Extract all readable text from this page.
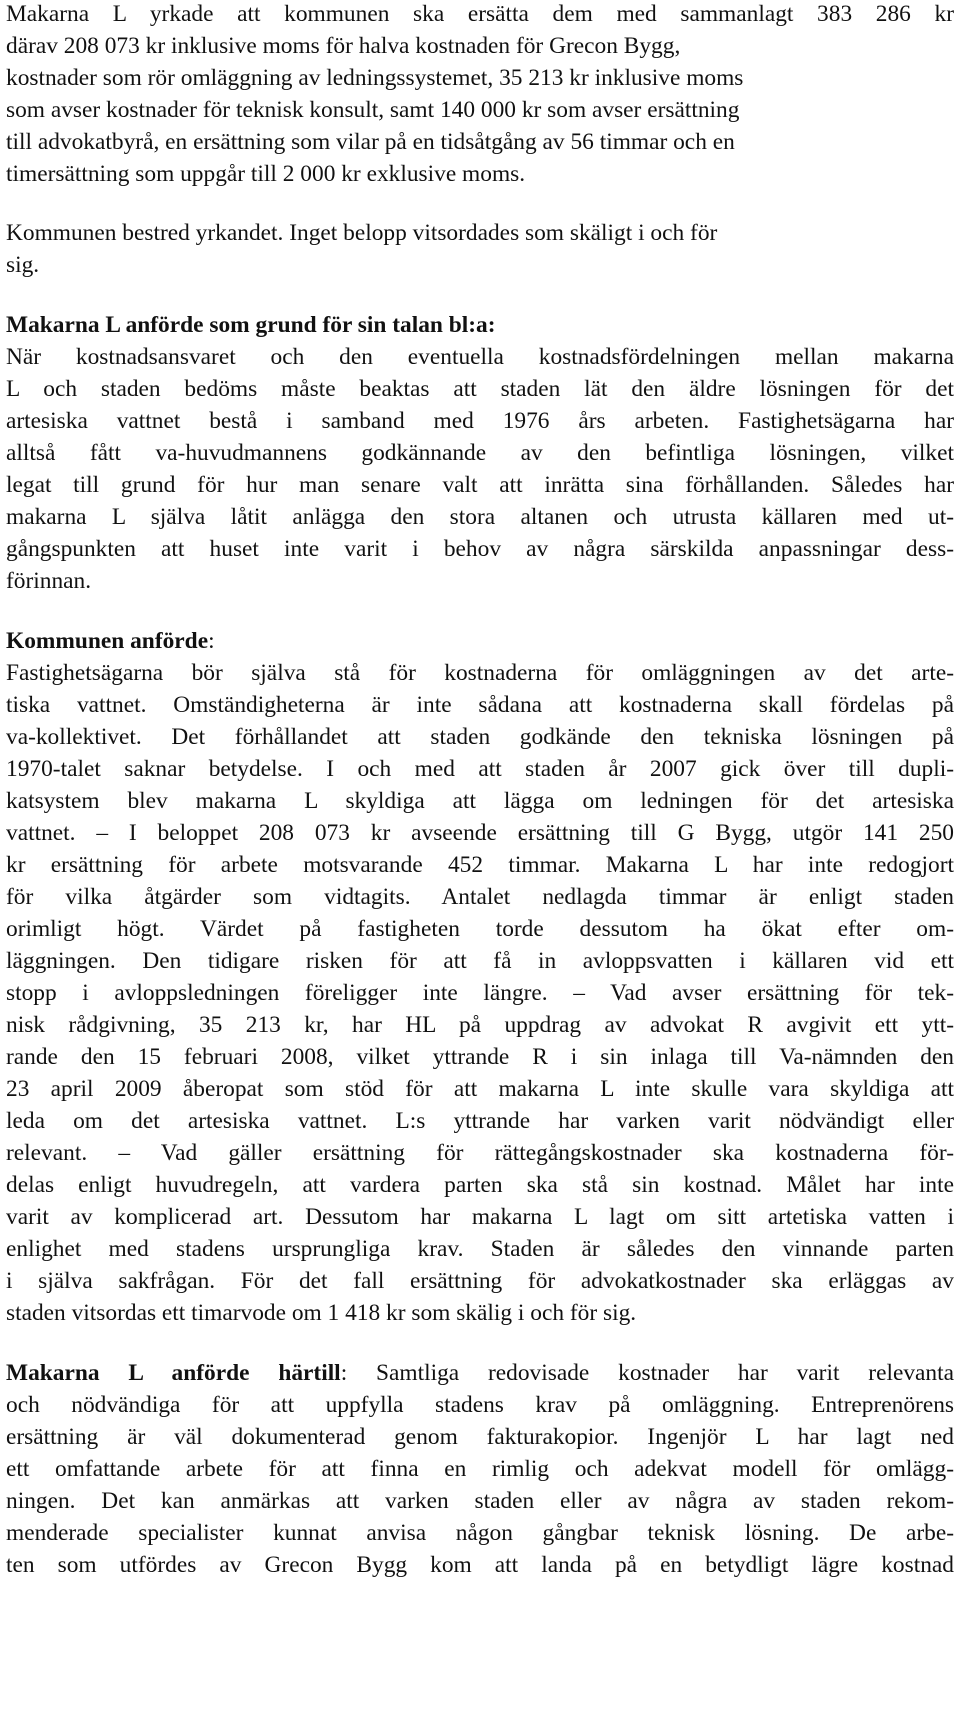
Makarna L yrkade att kommunen ska ersätta dem med sammanlagt 383 286 kr
därav 208 073 kr inklusive moms för halva kostnaden för Grecon Bygg,
kostnader som rör omläggning av ledningssystemet, 35 213 kr inklusive moms
som avser kostnader för teknisk konsult, samt 140 000 kr som avser ersättning
till advokatbyrå, en ersättning som vilar på en tidsåtgång av 56 timmar och en
timersättning som uppgår till 2 000 kr exklusive moms.
Kommunen bestred yrkandet. Inget belopp vitsordades som skäligt i och för
sig.
Makarna L anförde som grund för sin talan bl:a:
När kostnadsansvaret och den eventuella kostnadsfördelningen mellan makarna
L och staden bedöms måste beaktas att staden lät den äldre lösningen för det
artesiska vattnet bestå i samband med 1976 års arbeten. Fastighetsägarna har
alltså fått va-huvudmannens godkännande av den befintliga lösningen, vilket
legat till grund för hur man senare valt att inrätta sina förhållanden. Således har
makarna L själva låtit anlägga den stora altanen och utrusta källaren med ut-
gångspunkten att huset inte varit i behov av några särskilda anpassningar dess-
förinnan.
Kommunen anförde:
Fastighetsägarna bör själva stå för kostnaderna för omläggningen av det arte-
tiska vattnet. Omständigheterna är inte sådana att kostnaderna skall fördelas på
va-kollektivet. Det förhållandet att staden godkände den tekniska lösningen på
1970-talet saknar betydelse. I och med att staden år 2007 gick över till dupli-
katsystem blev makarna L skyldiga att lägga om ledningen för det artesiska
vattnet. – I beloppet 208 073 kr avseende ersättning till G Bygg, utgör 141 250
kr ersättning för arbete motsvarande 452 timmar. Makarna L har inte redogjort
för vilka åtgärder som vidtagits. Antalet nedlagda timmar är enligt staden
orimligt högt. Värdet på fastigheten torde dessutom ha ökat efter om-
läggningen. Den tidigare risken för att få in avloppsvatten i källaren vid ett
stopp i avloppsledningen föreligger inte längre. – Vad avser ersättning för tek-
nisk rådgivning, 35 213 kr, har HL på uppdrag av advokat R avgivit ett ytt-
rande den 15 februari 2008, vilket yttrande R i sin inlaga till Va-nämnden den
23 april 2009 åberopat som stöd för att makarna L inte skulle vara skyldiga att
leda om det artesiska vattnet. L:s yttrande har varken varit nödvändigt eller
relevant. – Vad gäller ersättning för rättegångskostnader ska kostnaderna för-
delas enligt huvudregeln, att vardera parten ska stå sin kostnad. Målet har inte
varit av komplicerad art. Dessutom har makarna L lagt om sitt artetiska vatten i
enlighet med stadens ursprungliga krav. Staden är således den vinnande parten
i själva sakfrågan. För det fall ersättning för advokatkostnader ska erläggas av
staden vitsordas ett timarvode om 1 418 kr som skälig i och för sig.
Makarna L anförde härtill: Samtliga redovisade kostnader har varit relevanta
och nödvändiga för att uppfylla stadens krav på omläggning. Entreprenörens
ersättning är väl dokumenterad genom fakturakopior. Ingenjör L har lagt ned
ett omfattande arbete för att finna en rimlig och adekvat modell för omlägg-
ningen. Det kan anmärkas att varken staden eller av några av staden rekom-
menderade specialister kunnat anvisa någon gångbar teknisk lösning. De arbe-
ten som utfördes av Grecon Bygg kom att landa på en betydligt lägre kostnad
